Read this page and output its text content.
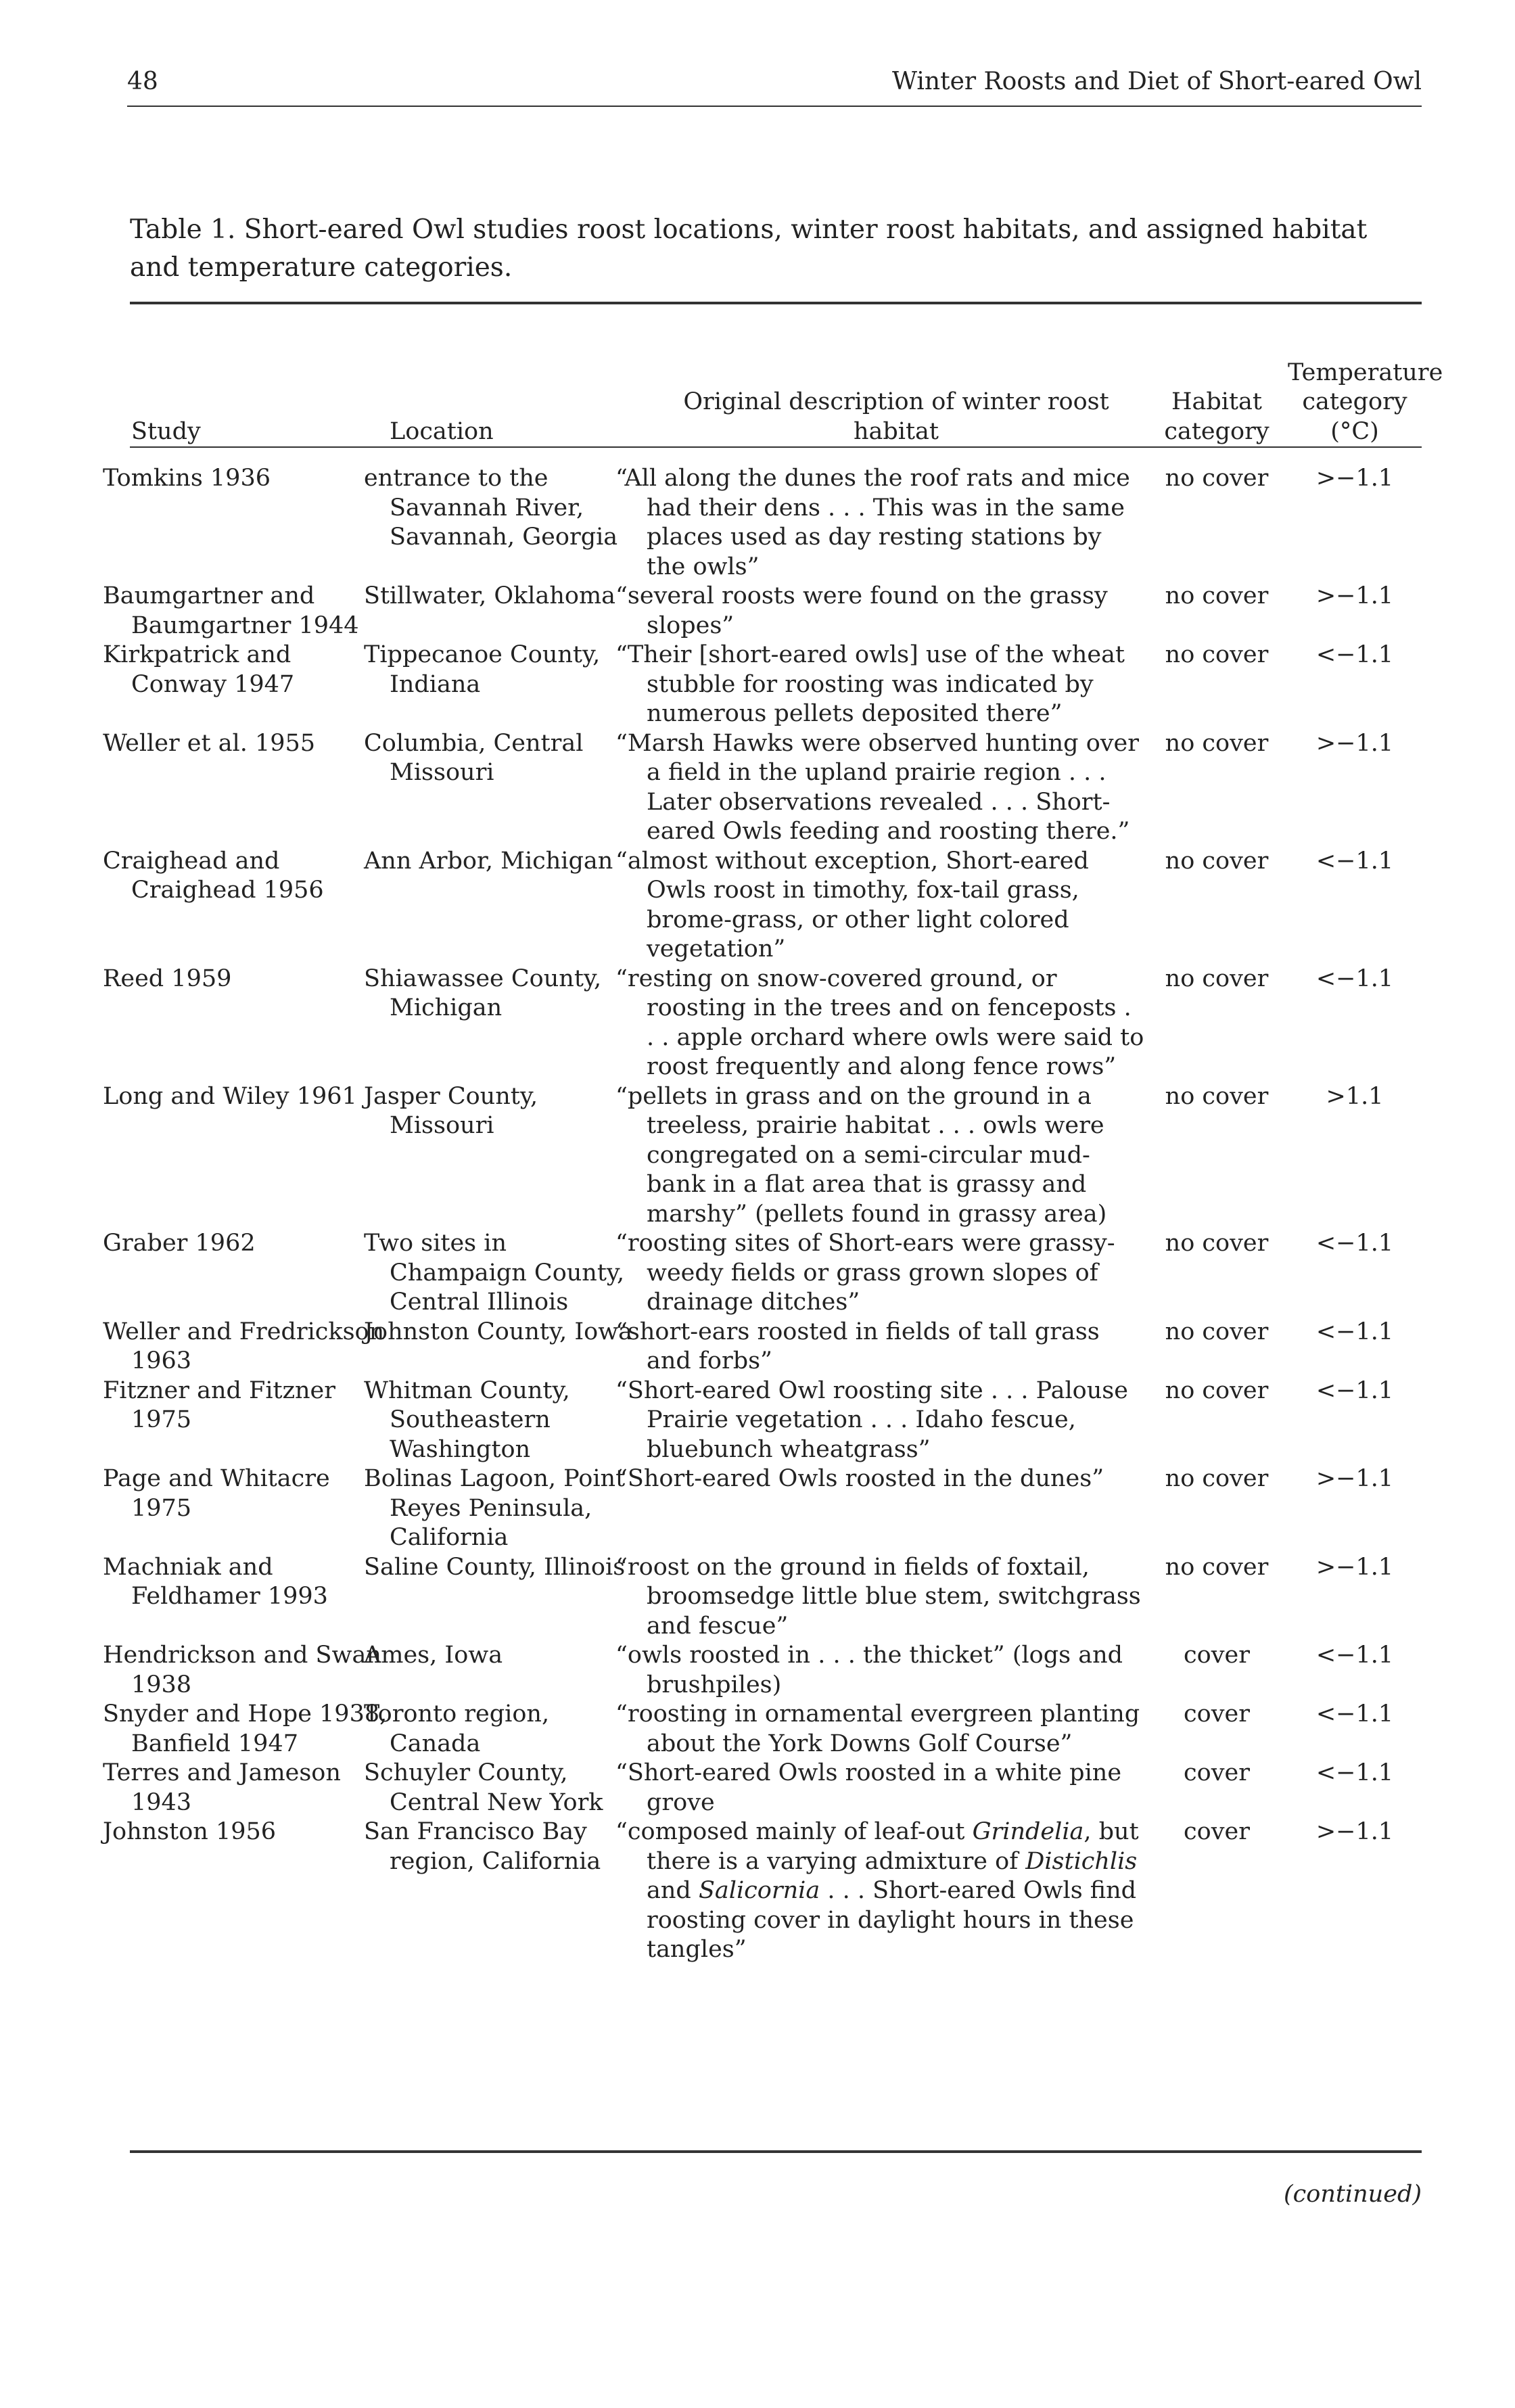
48	Winter Roosts and Diet of Short-eared Owl
Table 1. Short-eared Owl studies roost locations, winter roost habitats, and assigned habitat and temperature categories.
Study	Location	Original description of winter roost habitat	Habitat category	Temperature category (°C)
Tomkins 1936	entrance to the Savannah River, Savannah, Georgia	“All along the dunes the roof rats and mice had their dens . . . This was in the same places used as day resting stations by the owls”	no cover	>−1.1
Baumgartner and Baumgartner 1944	Stillwater, Oklahoma	“several roosts were found on the grassy slopes”	no cover	>−1.1
Kirkpatrick and Conway 1947	Tippecanoe County, Indiana	“Their [short-eared owls] use of the wheat stubble for roosting was indicated by numerous pellets deposited there”	no cover	<−1.1
Weller et al. 1955	Columbia, Central Missouri	“Marsh Hawks were observed hunting over a field in the upland prairie region . . . Later observations revealed . . . Short-eared Owls feeding and roosting there.”	no cover	>−1.1
Craighead and Craighead 1956	Ann Arbor, Michigan	“almost without exception, Short-eared Owls roost in timothy, fox-tail grass, brome-grass, or other light colored vegetation”	no cover	<−1.1
Reed 1959	Shiawassee County, Michigan	“resting on snow-covered ground, or roosting in the trees and on fenceposts . . . apple orchard where owls were said to roost frequently and along fence rows”	no cover	<−1.1
Long and Wiley 1961	Jasper County, Missouri	“pellets in grass and on the ground in a treeless, prairie habitat . . . owls were congregated on a semi-circular mud-bank in a flat area that is grassy and marshy” (pellets found in grassy area)	no cover	>1.1
Graber 1962	Two sites in Champaign County, Central Illinois	“roosting sites of Short-ears were grassy-weedy fields or grass grown slopes of drainage ditches”	no cover	<−1.1
Weller and Fredrickson 1963	Johnston County, Iowa	“short-ears roosted in fields of tall grass and forbs”	no cover	<−1.1
Fitzner and Fitzner 1975	Whitman County, Southeastern Washington	“Short-eared Owl roosting site . . . Palouse Prairie vegetation . . . Idaho fescue, bluebunch wheatgrass”	no cover	<−1.1
Page and Whitacre 1975	Bolinas Lagoon, Point Reyes Peninsula, California	“Short-eared Owls roosted in the dunes”	no cover	>−1.1
Machniak and Feldhamer 1993	Saline County, Illinois	“roost on the ground in fields of foxtail, broomsedge little blue stem, switchgrass and fescue”	no cover	>−1.1
Hendrickson and Swan 1938	Ames, Iowa	“owls roosted in . . . the thicket” (logs and brushpiles)	cover	<−1.1
Snyder and Hope 1938, Banfield 1947	Toronto region, Canada	“roosting in ornamental evergreen planting about the York Downs Golf Course”	cover	<−1.1
Terres and Jameson 1943	Schuyler County, Central New York	“Short-eared Owls roosted in a white pine grove	cover	<−1.1
Johnston 1956	San Francisco Bay region, California	“composed mainly of leaf-out Grindelia, but there is a varying admixture of Distichlis and Salicornia . . . Short-eared Owls find roosting cover in daylight hours in these tangles”	cover	>−1.1
(continued)
